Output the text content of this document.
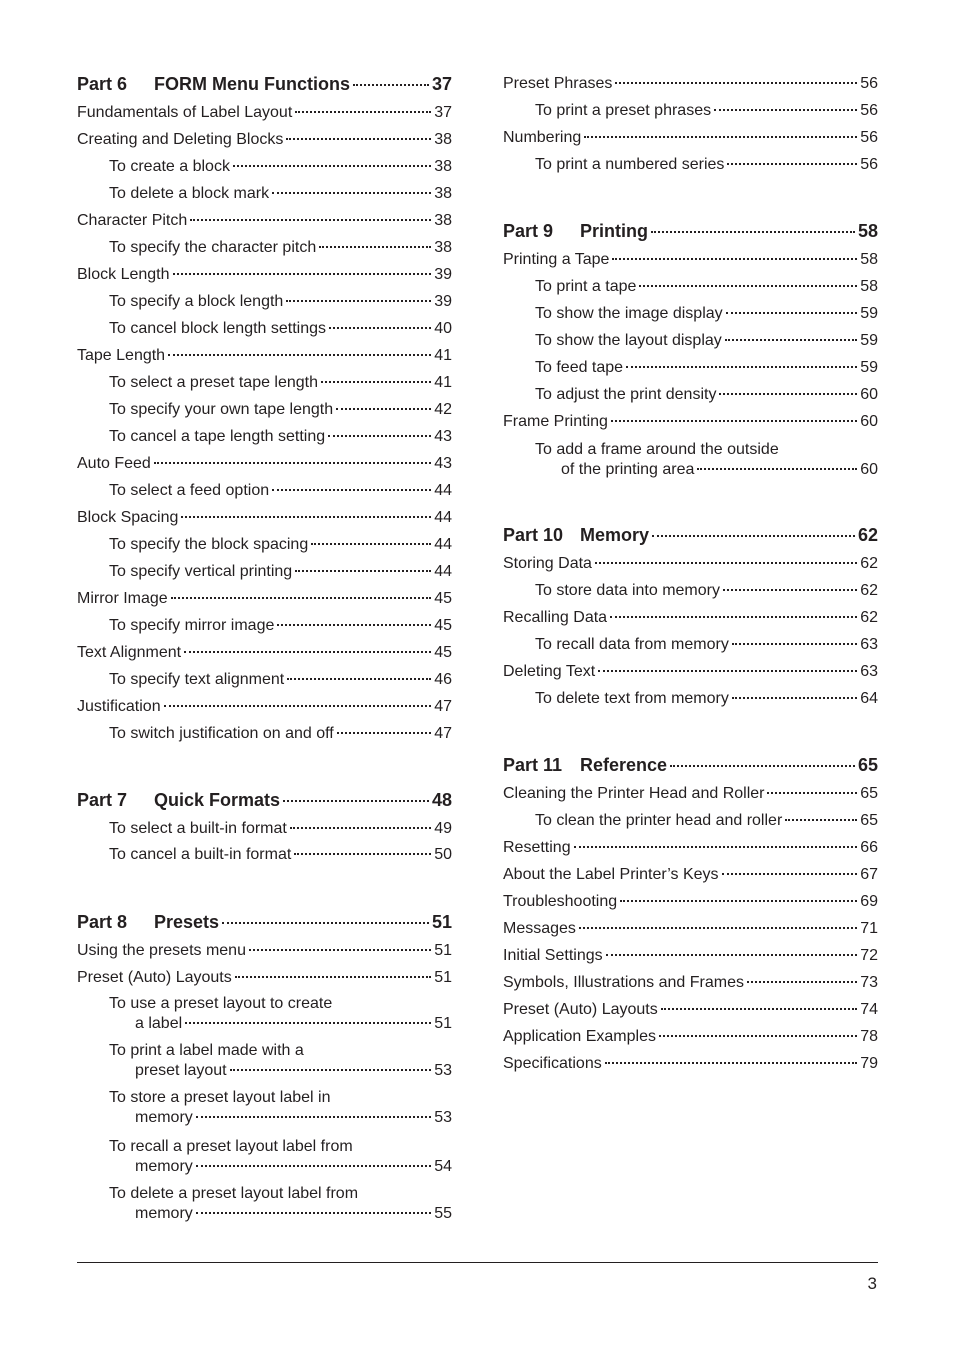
Part 6 FORM Menu Functions	37
Fundamentals of Label Layout	37
Creating and Deleting Blocks	38
To create a block	38
To delete a block mark	38
Character Pitch	38
To specify the character pitch	38
Block Length	39
To specify a block length	39
To cancel block length settings	40
Tape Length	41
To select a preset tape length	41
To specify your own tape length	42
To cancel a tape length setting	43
Auto Feed	43
To select a feed option	44
Block Spacing	44
To specify the block spacing	44
To specify vertical printing	44
Mirror Image	45
To specify mirror image	45
Text Alignment	45
To specify text alignment	46
Justification	47
To switch justification on and off	47
Part 7 Quick Formats	48
To select a built-in format	49
To cancel a built-in format	50
Part 8 Presets	51
Using the presets menu	51
Preset (Auto) Layouts	51
To use a preset layout to create
a label	51
To print a label made with a
preset layout	53
To store a preset layout label in
memory	53
To recall a preset layout label from
memory	54
To delete a preset layout label from
memory	55
Preset Phrases	56
To print a preset phrases	56
Numbering	56
To print a numbered series	56
Part 9 Printing	58
Printing a Tape	58
To print a tape	58
To show the image display	59
To show the layout display	59
To feed tape	59
To adjust the print density	60
Frame Printing	60
To add a frame around the outside
of the printing area	60
Part 10 Memory	62
Storing Data	62
To store data into memory	62
Recalling Data	62
To recall data from memory	63
Deleting Text	63
To delete text from memory	64
Part 11 Reference	65
Cleaning the Printer Head and Roller	65
To clean the printer head and roller	65
Resetting	66
About the Label Printer’s Keys	67
Troubleshooting	69
Messages	71
Initial Settings	72
Symbols, Illustrations and Frames	73
Preset (Auto) Layouts	74
Application Examples	78
Specifications	79
3
